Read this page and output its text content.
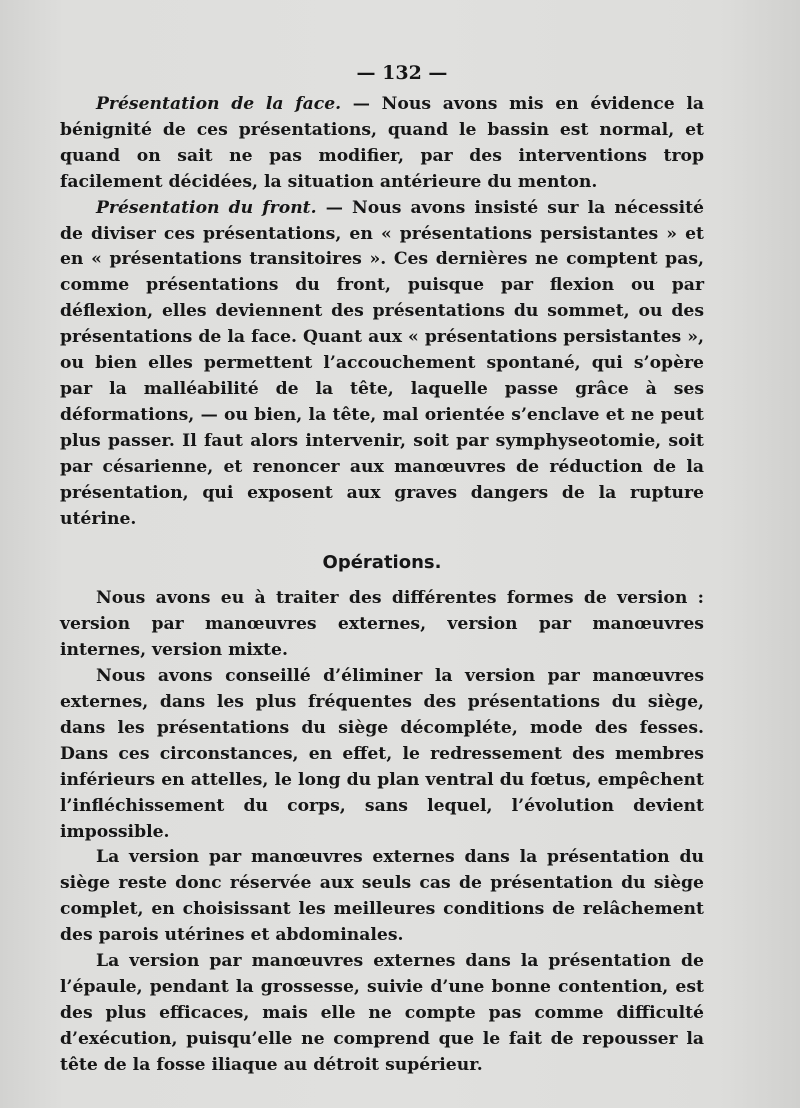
— 132 —

Présentation de la face. — Nous avons mis en évidence la bénignité de ces présentations, quand le bassin est normal, et quand on sait ne pas modifier, par des interventions trop facilement décidées, la situation antérieure du menton.

Présentation du front. — Nous avons insisté sur la nécessité de diviser ces présentations, en « présentations persistantes » et en « présentations transitoires ». Ces dernières ne comptent pas, comme présentations du front, puisque par flexion ou par déflexion, elles deviennent des présentations du sommet, ou des présentations de la face. Quant aux « présentations persistantes », ou bien elles permettent l’accouchement spontané, qui s’opère par la malléabilité de la tête, laquelle passe grâce à ses déformations, — ou bien, la tête, mal orientée s’enclave et ne peut plus passer. Il faut alors intervenir, soit par symphyseotomie, soit par césarienne, et renoncer aux manœuvres de réduction de la présentation, qui exposent aux graves dangers de la rupture utérine.

Opérations.

Nous avons eu à traiter des différentes formes de version : version par manœuvres externes, version par manœuvres internes, version mixte.

Nous avons conseillé d’éliminer la version par manœuvres externes, dans les plus fréquentes des présentations du siège, dans les présentations du siège décompléte, mode des fesses. Dans ces circonstances, en effet, le redressement des membres inférieurs en attelles, le long du plan ventral du fœtus, empêchent l’infléchissement du corps, sans lequel, l’évolution devient impossible.

La version par manœuvres externes dans la présentation du siège reste donc réservée aux seuls cas de présentation du siège complet, en choisissant les meilleures conditions de relâchement des parois utérines et abdominales.

La version par manœuvres externes dans la présentation de l’épaule, pendant la grossesse, suivie d’une bonne contention, est des plus efficaces, mais elle ne compte pas comme difficulté d’exécution, puisqu’elle ne comprend que le fait de repousser la tête de la fosse iliaque au détroit supérieur.
